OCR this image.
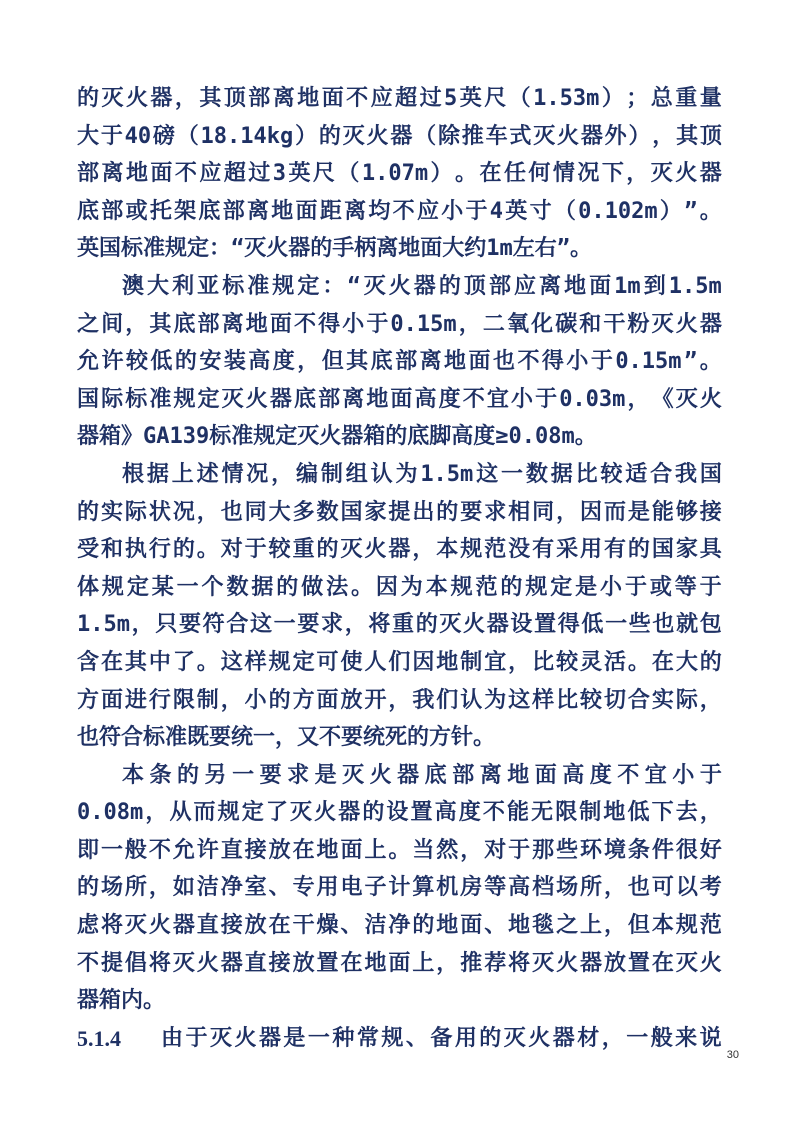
的 灭 火 器 ， 其 顶 部 离 地 面 不 应 超 过 5 英 尺 （ 1.53m ） ； 总 重 量
大 于 40 磅 （ 18.14kg ） 的 灭 火 器 （ 除 推 车 式 灭 火 器 外 ） ， 其 顶
部 离 地 面 不 应 超 过 3 英 尺 （ 1.07m ） 。 在 任 何 情 况 下 ， 灭 火 器
底 部 或 托 架 底 部 离 地 面 距 离 均 不 应 小 于 4 英 寸 （ 0.102m ） ” 。
英国标准规定：“灭火器的手柄离地面大约1m左右”。
澳 大 利 亚 标 准 规 定 ： “ 灭 火 器 的 顶 部 应 离 地 面 1m 到 1.5m
之 间 ， 其 底 部 离 地 面 不 得 小 于 0.15m ， 二 氧 化 碳 和 干 粉 灭 火 器
允 许 较 低 的 安 装 高 度 ， 但 其 底 部 离 地 面 也 不 得 小 于 0.15m ” 。
国 际 标 准 规 定 灭 火 器 底 部 离 地 面 高 度 不 宜 小 于 0.03m ， 《 灭 火
器箱》GA139标准规定灭火器箱的底脚高度≥0.08m。
根 据 上 述 情 况 ， 编 制 组 认 为 1.5m 这 一 数 据 比 较 适 合 我 国
的 实 际 状 况 ， 也 同 大 多 数 国 家 提 出 的 要 求 相 同 ， 因 而 是 能 够 接
受 和 执 行 的 。 对 于 较 重 的 灭 火 器 ， 本 规 范 没 有 采 用 有 的 国 家 具
体 规 定 某 一 个 数 据 的 做 法 。 因 为 本 规 范 的 规 定 是 小 于 或 等 于
1.5m ， 只 要 符 合 这 一 要 求 ， 将 重 的 灭 火 器 设 置 得 低 一 些 也 就 包
含 在 其 中 了 。 这 样 规 定 可 使 人 们 因 地 制 宜 ， 比 较 灵 活 。 在 大 的
方 面 进 行 限 制 ， 小 的 方 面 放 开 ， 我 们 认 为 这 样 比 较 切 合 实 际 ，
也符合标准既要统一，又不要统死的方针。
本 条 的 另 一 要 求 是 灭 火 器 底 部 离 地 面 高 度 不 宜 小 于
0.08m ， 从 而 规 定 了 灭 火 器 的 设 置 高 度 不 能 无 限 制 地 低 下 去 ，
即 一 般 不 允 许 直 接 放 在 地 面 上 。 当 然 ， 对 于 那 些 环 境 条 件 很 好
的 场 所 ， 如 洁 净 室 、 专 用 电 子 计 算 机 房 等 高 档 场 所 ， 也 可 以 考
虑 将 灭 火 器 直 接 放 在 干 燥 、 洁 净 的 地 面 、 地 毯 之 上 ， 但 本 规 范
不 提 倡 将 灭 火 器 直 接 放 置 在 地 面 上 ， 推 荐 将 灭 火 器 放 置 在 灭 火
器箱内。
5.1.4	由 于 灭 火 器 是 一 种 常 规 、 备 用 的 灭 火 器 材 ， 一 般 来 说
30
